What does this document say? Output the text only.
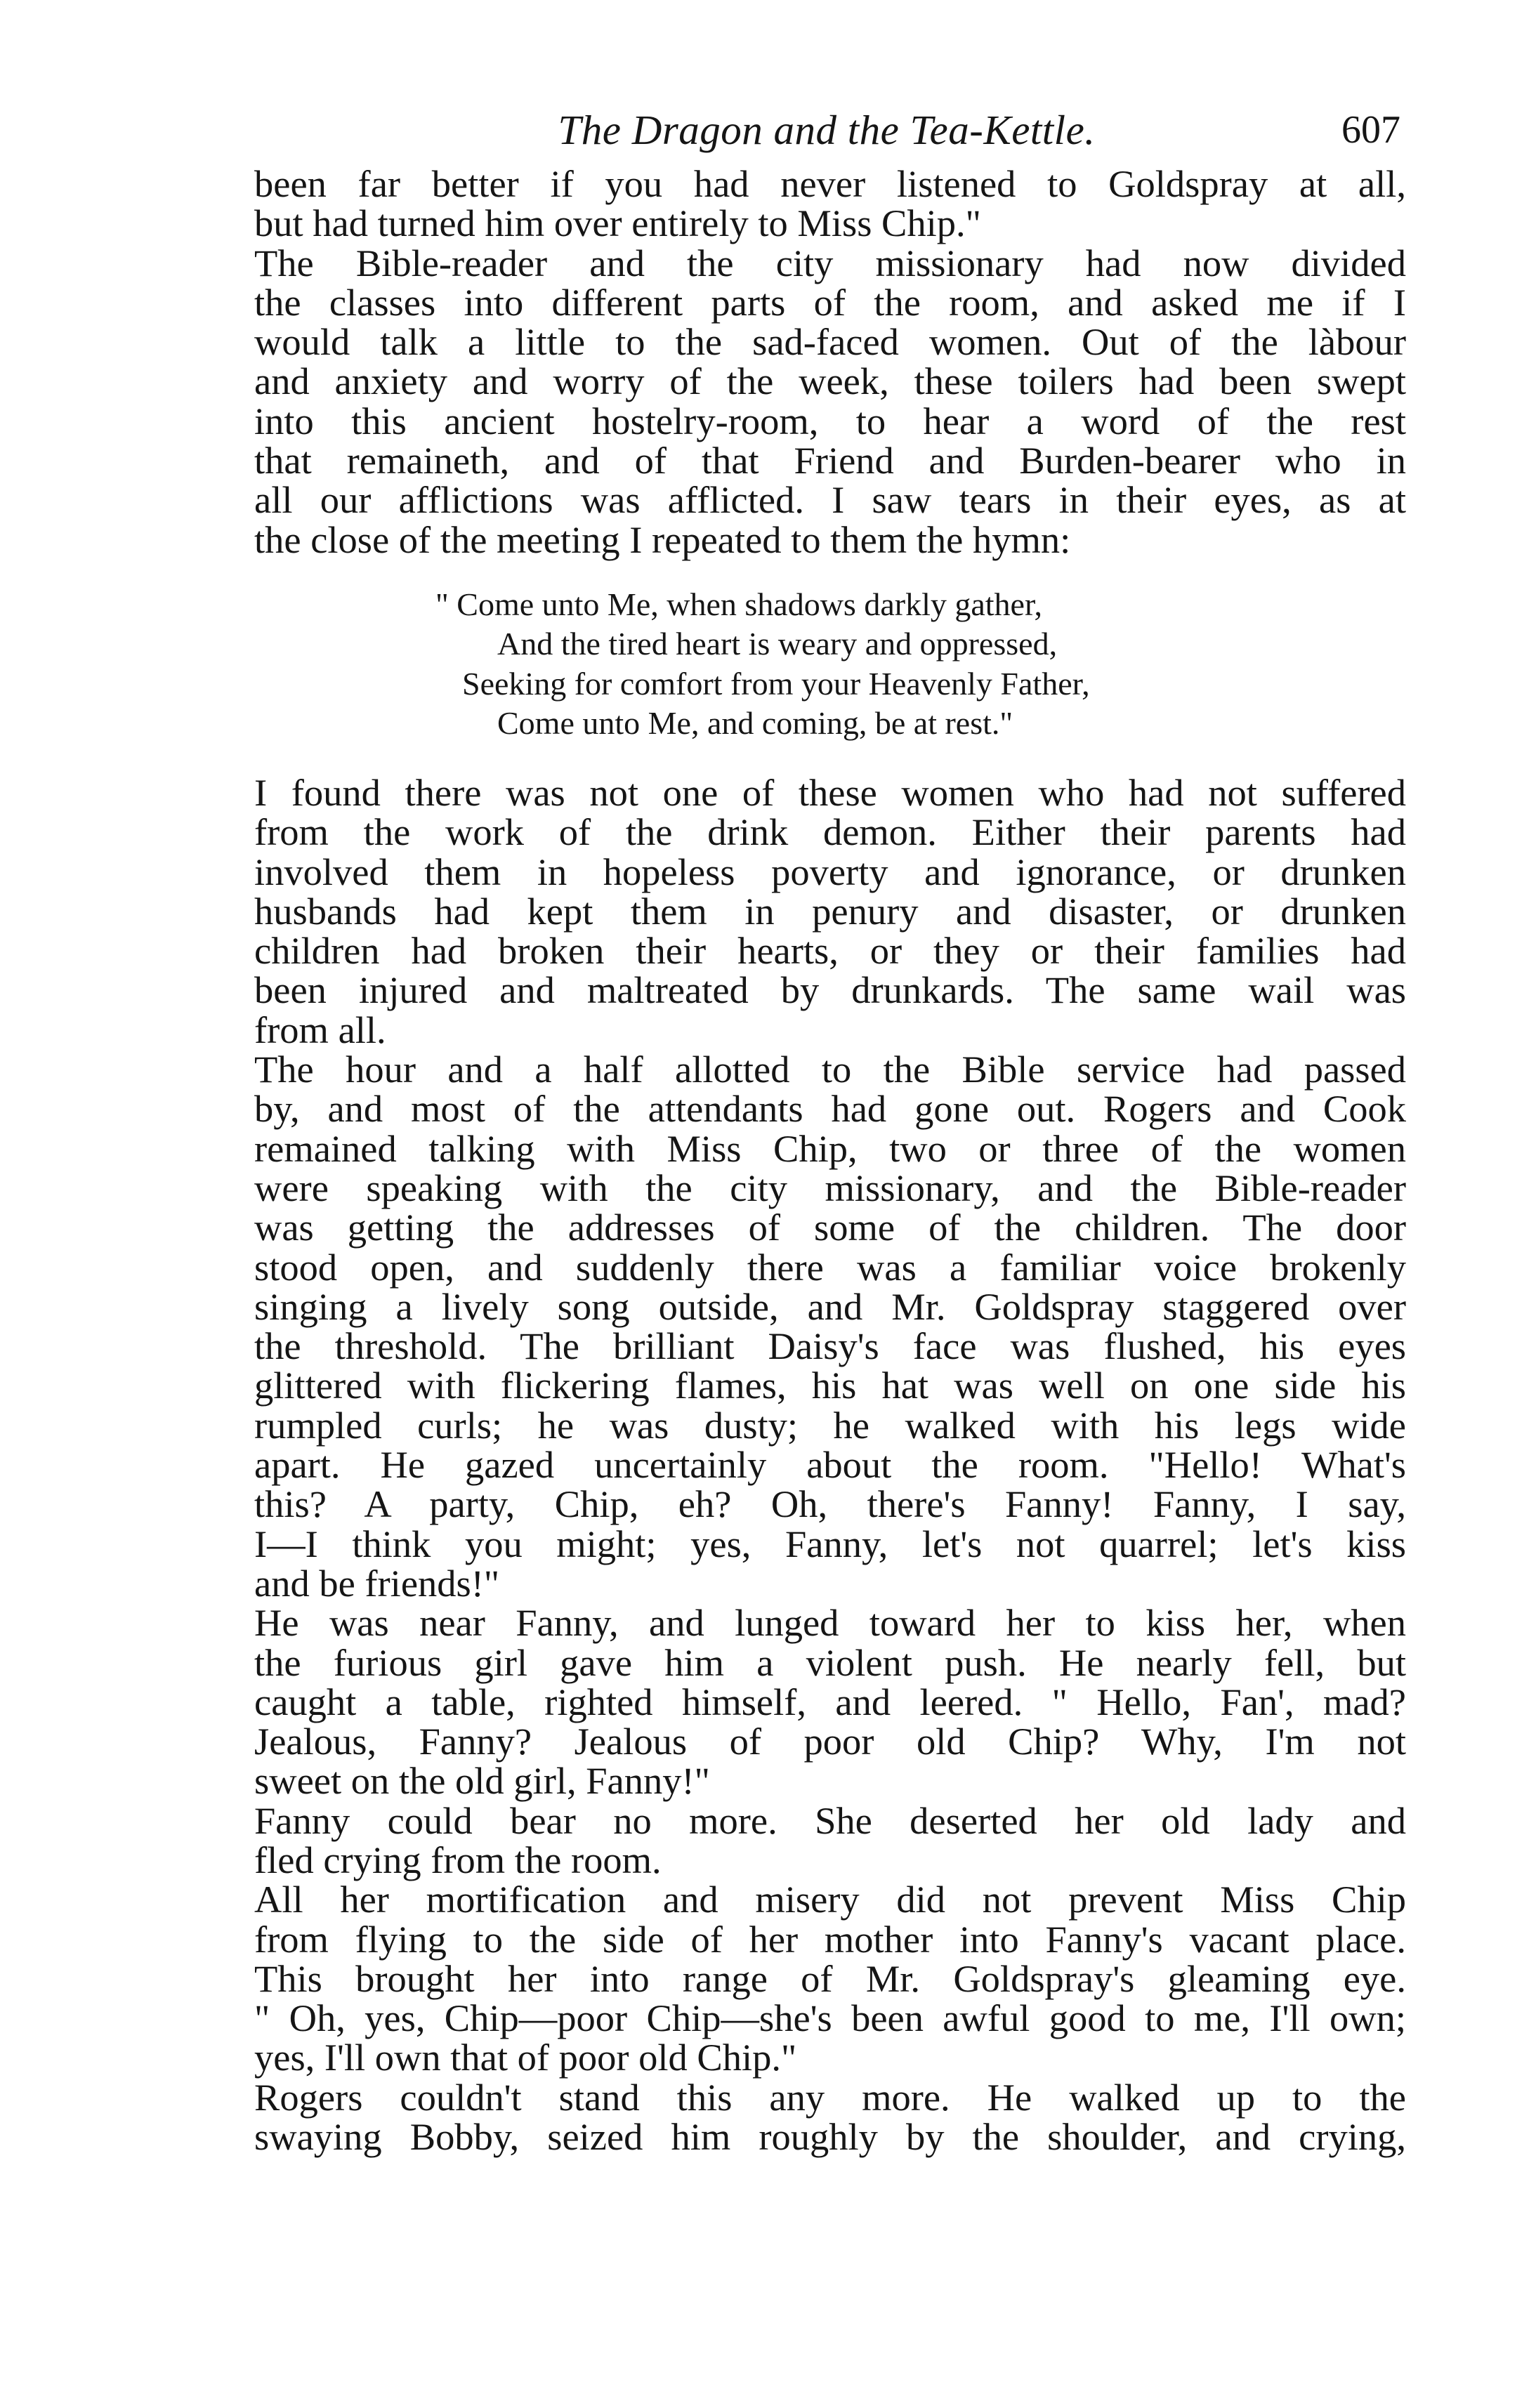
The Dragon and the Tea-Kettle.	607

been far better if you had never listened to Goldspray at all,
but had turned him over entirely to Miss Chip."

The Bible-reader and the city missionary had now divided
the classes into different parts of the room, and asked me if I
would talk a little to the sad-faced women. Out of the làbour
and anxiety and worry of the week, these toilers had been swept
into this ancient hostelry-room, to hear a word of the rest
that remaineth, and of that Friend and Burden-bearer who in
all our afflictions was afflicted. I saw tears in their eyes, as at
the close of the meeting I repeated to them the hymn:

" Come unto Me, when shadows darkly gather,
And the tired heart is weary and oppressed,
Seeking for comfort from your Heavenly Father,
Come unto Me, and coming, be at rest."

I found there was not one of these women who had not suffered
from the work of the drink demon. Either their parents had
involved them in hopeless poverty and ignorance, or drunken
husbands had kept them in penury and disaster, or drunken
children had broken their hearts, or they or their families had
been injured and maltreated by drunkards. The same wail was
from all.

The hour and a half allotted to the Bible service had passed
by, and most of the attendants had gone out. Rogers and Cook
remained talking with Miss Chip, two or three of the women
were speaking with the city missionary, and the Bible-reader
was getting the addresses of some of the children. The door
stood open, and suddenly there was a familiar voice brokenly
singing a lively song outside, and Mr. Goldspray staggered over
the threshold. The brilliant Daisy's face was flushed, his eyes
glittered with flickering flames, his hat was well on one side his
rumpled curls; he was dusty; he walked with his legs wide
apart. He gazed uncertainly about the room. "Hello! What's
this? A party, Chip, eh? Oh, there's Fanny! Fanny, I say,
I—I think you might; yes, Fanny, let's not quarrel; let's kiss
and be friends!"

He was near Fanny, and lunged toward her to kiss her, when
the furious girl gave him a violent push. He nearly fell, but
caught a table, righted himself, and leered. " Hello, Fan', mad?
Jealous, Fanny? Jealous of poor old Chip? Why, I'm not
sweet on the old girl, Fanny!"

Fanny could bear no more. She deserted her old lady and
fled crying from the room.

All her mortification and misery did not prevent Miss Chip
from flying to the side of her mother into Fanny's vacant place.
This brought her into range of Mr. Goldspray's gleaming eye.
" Oh, yes, Chip—poor Chip—she's been awful good to me, I'll own;
yes, I'll own that of poor old Chip."

Rogers couldn't stand this any more. He walked up to the
swaying Bobby, seized him roughly by the shoulder, and crying,
